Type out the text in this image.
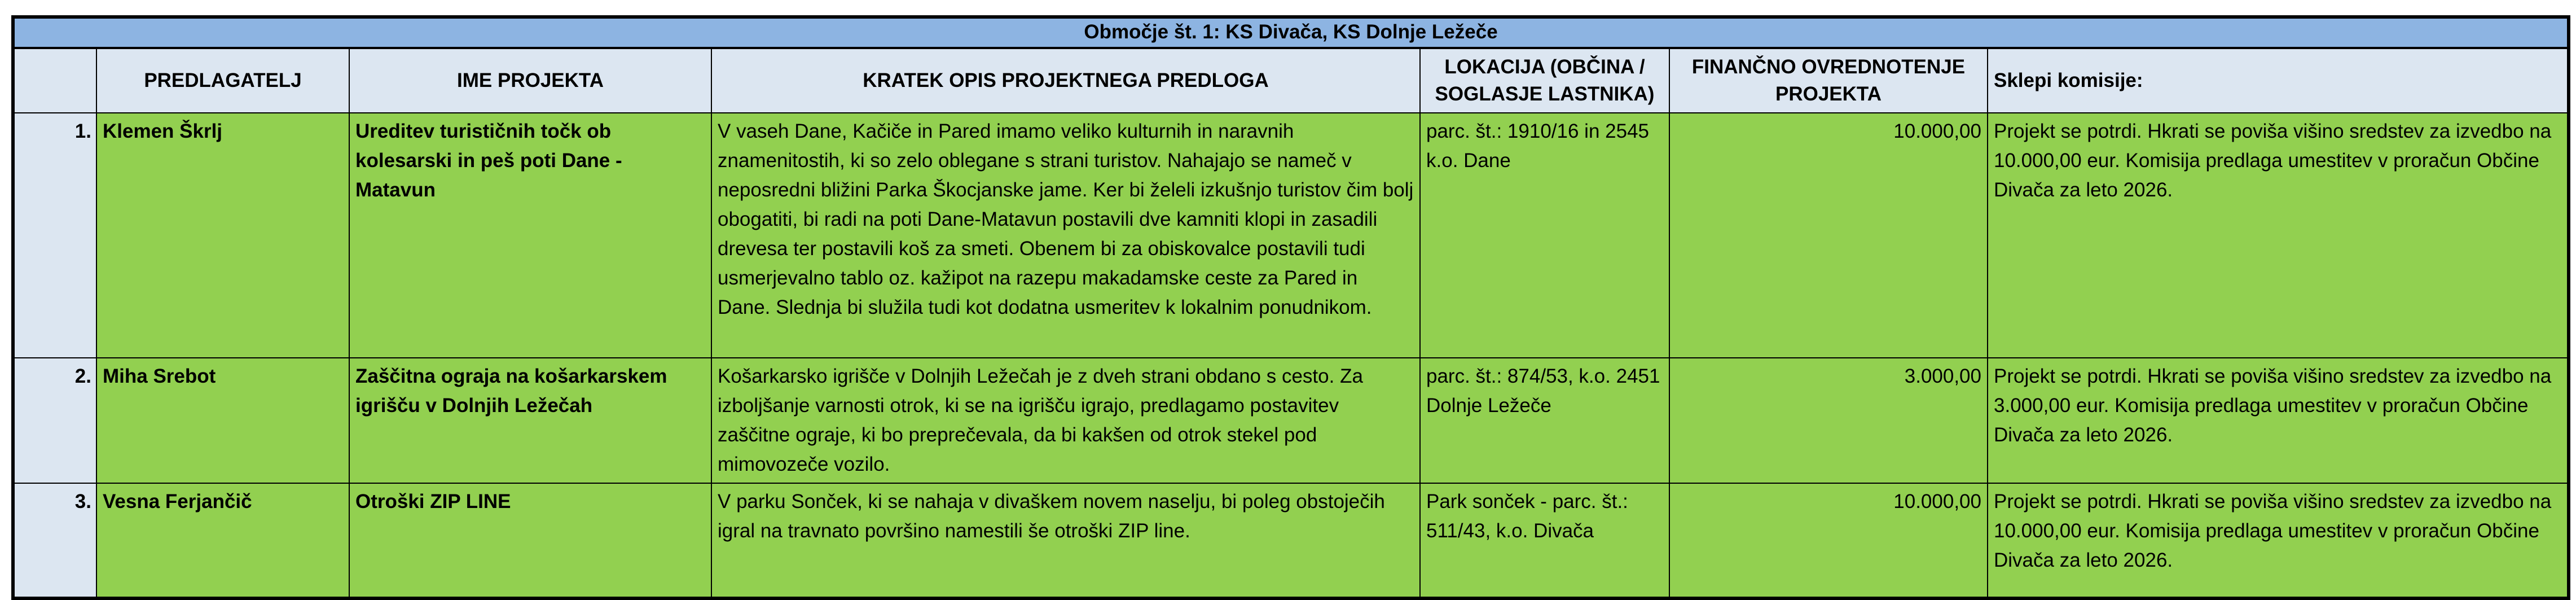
Območje št. 1: KS Divača, KS Dolnje Ležeče						
	PREDLAGATELJ	IME PROJEKTA	KRATEK OPIS PROJEKTNEGA PREDLOGA	LOKACIJA (OBČINA / SOGLASJE LASTNIKA)	FINANČNO OVREDNOTENJE PROJEKTA	Sklepi komisije:
1.	Klemen Škrlj	Ureditev turističnih točk ob kolesarski in peš poti Dane - Matavun	V vaseh Dane, Kačiče in Pared imamo veliko kulturnih in naravnih znamenitostih, ki so zelo oblegane s strani turistov. Nahajajo se nameč v neposredni bližini Parka Škocjanske jame. Ker bi želeli izkušnjo turistov čim bolj obogatiti, bi radi na poti Dane-Matavun postavili dve kamniti klopi in zasadili drevesa ter postavili koš za smeti. Obenem bi za obiskovalce postavili tudi usmerjevalno tablo oz. kažipot na razepu makadamske ceste za Pared in Dane. Slednja bi služila tudi kot dodatna usmeritev k lokalnim ponudnikom.	parc. št.: 1910/16 in 2545 k.o. Dane	10.000,00	Projekt se potrdi. Hkrati se poviša višino sredstev za izvedbo na 10.000,00 eur. Komisija predlaga umestitev v proračun Občine Divača za leto 2026.
2.	Miha Srebot	Zaščitna ograja na košarkarskem igrišču v Dolnjih Ležečah	Košarkarsko igrišče v Dolnjih Ležečah je z dveh strani obdano s cesto. Za izboljšanje varnosti otrok, ki se na igrišču igrajo, predlagamo postavitev zaščitne ograje, ki bo preprečevala, da bi kakšen od otrok stekel pod mimovozeče vozilo.	parc. št.: 874/53, k.o. 2451 Dolnje Ležeče	3.000,00	Projekt se potrdi. Hkrati se poviša višino sredstev za izvedbo na 3.000,00 eur. Komisija predlaga umestitev v proračun Občine Divača za leto 2026.
3.	Vesna Ferjančič	Otroški ZIP LINE	V parku Sonček, ki se nahaja v divaškem novem naselju, bi poleg obstoječih igral na travnato površino namestili še otroški ZIP line.	Park sonček - parc. št.: 511/43, k.o. Divača	10.000,00	Projekt se potrdi. Hkrati se poviša višino sredstev za izvedbo na 10.000,00 eur. Komisija predlaga umestitev v proračun Občine Divača za leto 2026.
